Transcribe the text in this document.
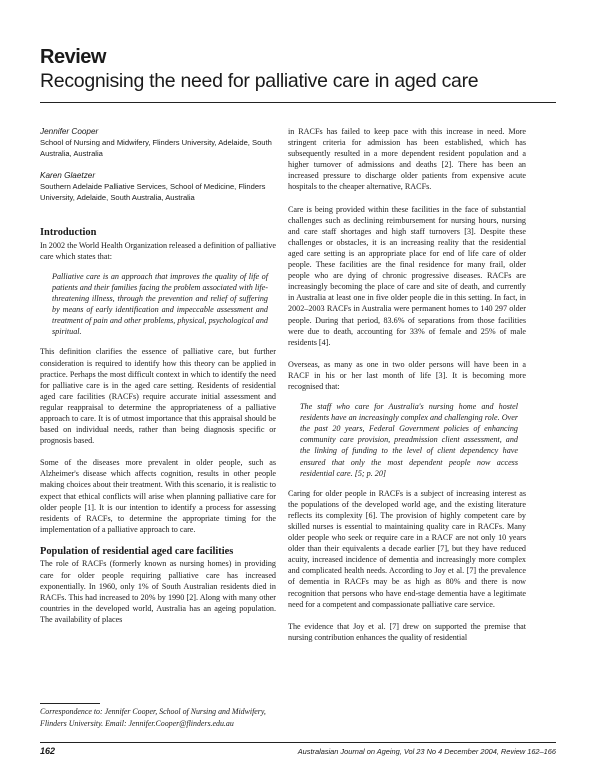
Review
Recognising the need for palliative care in aged care

Jennifer Cooper

School of Nursing and Midwifery, Flinders University, Adelaide, South Australia, Australia

Karen Glaetzer

Southern Adelaide Palliative Services, School of Medicine, Flinders University, Adelaide, South Australia, Australia

Introduction

In 2002 the World Health Organization released a definition of palliative care which states that:

Palliative care is an approach that improves the quality of life of patients and their families facing the problem associated with life-threatening illness, through the prevention and relief of suffering by means of early identification and impeccable assessment and treatment of pain and other problems, physical, psychological and spiritual.

This definition clarifies the essence of palliative care, but further consideration is required to identify how this theory can be applied in practice. Perhaps the most difficult context in which to identify the need for palliative care is in the aged care setting. Residents of residential aged care facilities (RACFs) require accurate initial assessment and regular reappraisal to determine the appropriateness of a palliative approach to care. It is of utmost importance that this appraisal should be based on individual needs, rather than being diagnosis specific or prognosis based.

Some of the diseases more prevalent in older people, such as Alzheimer's disease which affects cognition, results in other people making choices about their treatment. With this scenario, it is realistic to expect that ethical conflicts will arise when planning palliative care for older people [1]. It is our intention to identify a process for assessing residents of RACFs, to determine the appropriate timing for the implementation of a palliative approach to care.

Population of residential aged care facilities

The role of RACFs (formerly known as nursing homes) in providing care for older people requiring palliative care has increased exponentially. In 1960, only 1% of South Australian residents died in RACFs. This had increased to 20% by 1990 [2]. Along with many other countries in the developed world, Australia has an ageing population. The availability of places

in RACFs has failed to keep pace with this increase in need. More stringent criteria for admission has been established, which has subsequently resulted in a more dependent resident population and a higher turnover of admissions and deaths [2]. There has been an increased pressure to discharge older patients from expensive acute hospitals to the cheaper alternative, RACFs.

Care is being provided within these facilities in the face of substantial challenges such as declining reimbursement for nursing hours, nursing and care staff shortages and high staff turnovers [3]. Despite these challenges or obstacles, it is an increasing reality that the residential aged care setting is an appropriate place for end of life care of older people. These facilities are the final residence for many frail, older people who are dying of chronic progressive diseases. RACFs are increasingly becoming the place of care and site of death, and currently in Australia at least one in five older people die in this setting. In fact, in 2002–2003 RACFs in Australia were permanent homes to 140 297 older people. During that period, 83.6% of separations from those facilities were due to death, accounting for 33% of female and 25% of male residents [4].

Overseas, as many as one in two older persons will have been in a RACF in his or her last month of life [3]. It is becoming more recognised that:

The staff who care for Australia's nursing home and hostel residents have an increasingly complex and challenging role. Over the past 20 years, Federal Government policies of enhancing community care provision, preadmission client assessment, and the linking of funding to the level of client dependency have ensured that only the most dependent people now access residential care. [5; p. 20]

Caring for older people in RACFs is a subject of increasing interest as the populations of the developed world age, and the existing literature reflects its complexity [6]. The provision of highly competent care by skilled nurses is essential to maintaining quality care in RACFs. Many older people who seek or require care in a RACF are not only 10 years older than their equivalents a decade earlier [7], but they have reduced acuity, increased incidence of dementia and increasingly more complex and complicated health needs. According to Joy et al. [7] the prevalence of dementia in RACFs may be as high as 80% and there is now recognition that persons who have end-stage dementia have a legitimate need for a competent and compassionate palliative care service.

The evidence that Joy et al. [7] drew on supported the premise that nursing contribution enhances the quality of residential

Correspondence to: Jennifer Cooper, School of Nursing and Midwifery, Flinders University. Email: Jennifer.Cooper@flinders.edu.au
162	Australasian Journal on Ageing, Vol 23 No 4 December 2004, Review 162–166
